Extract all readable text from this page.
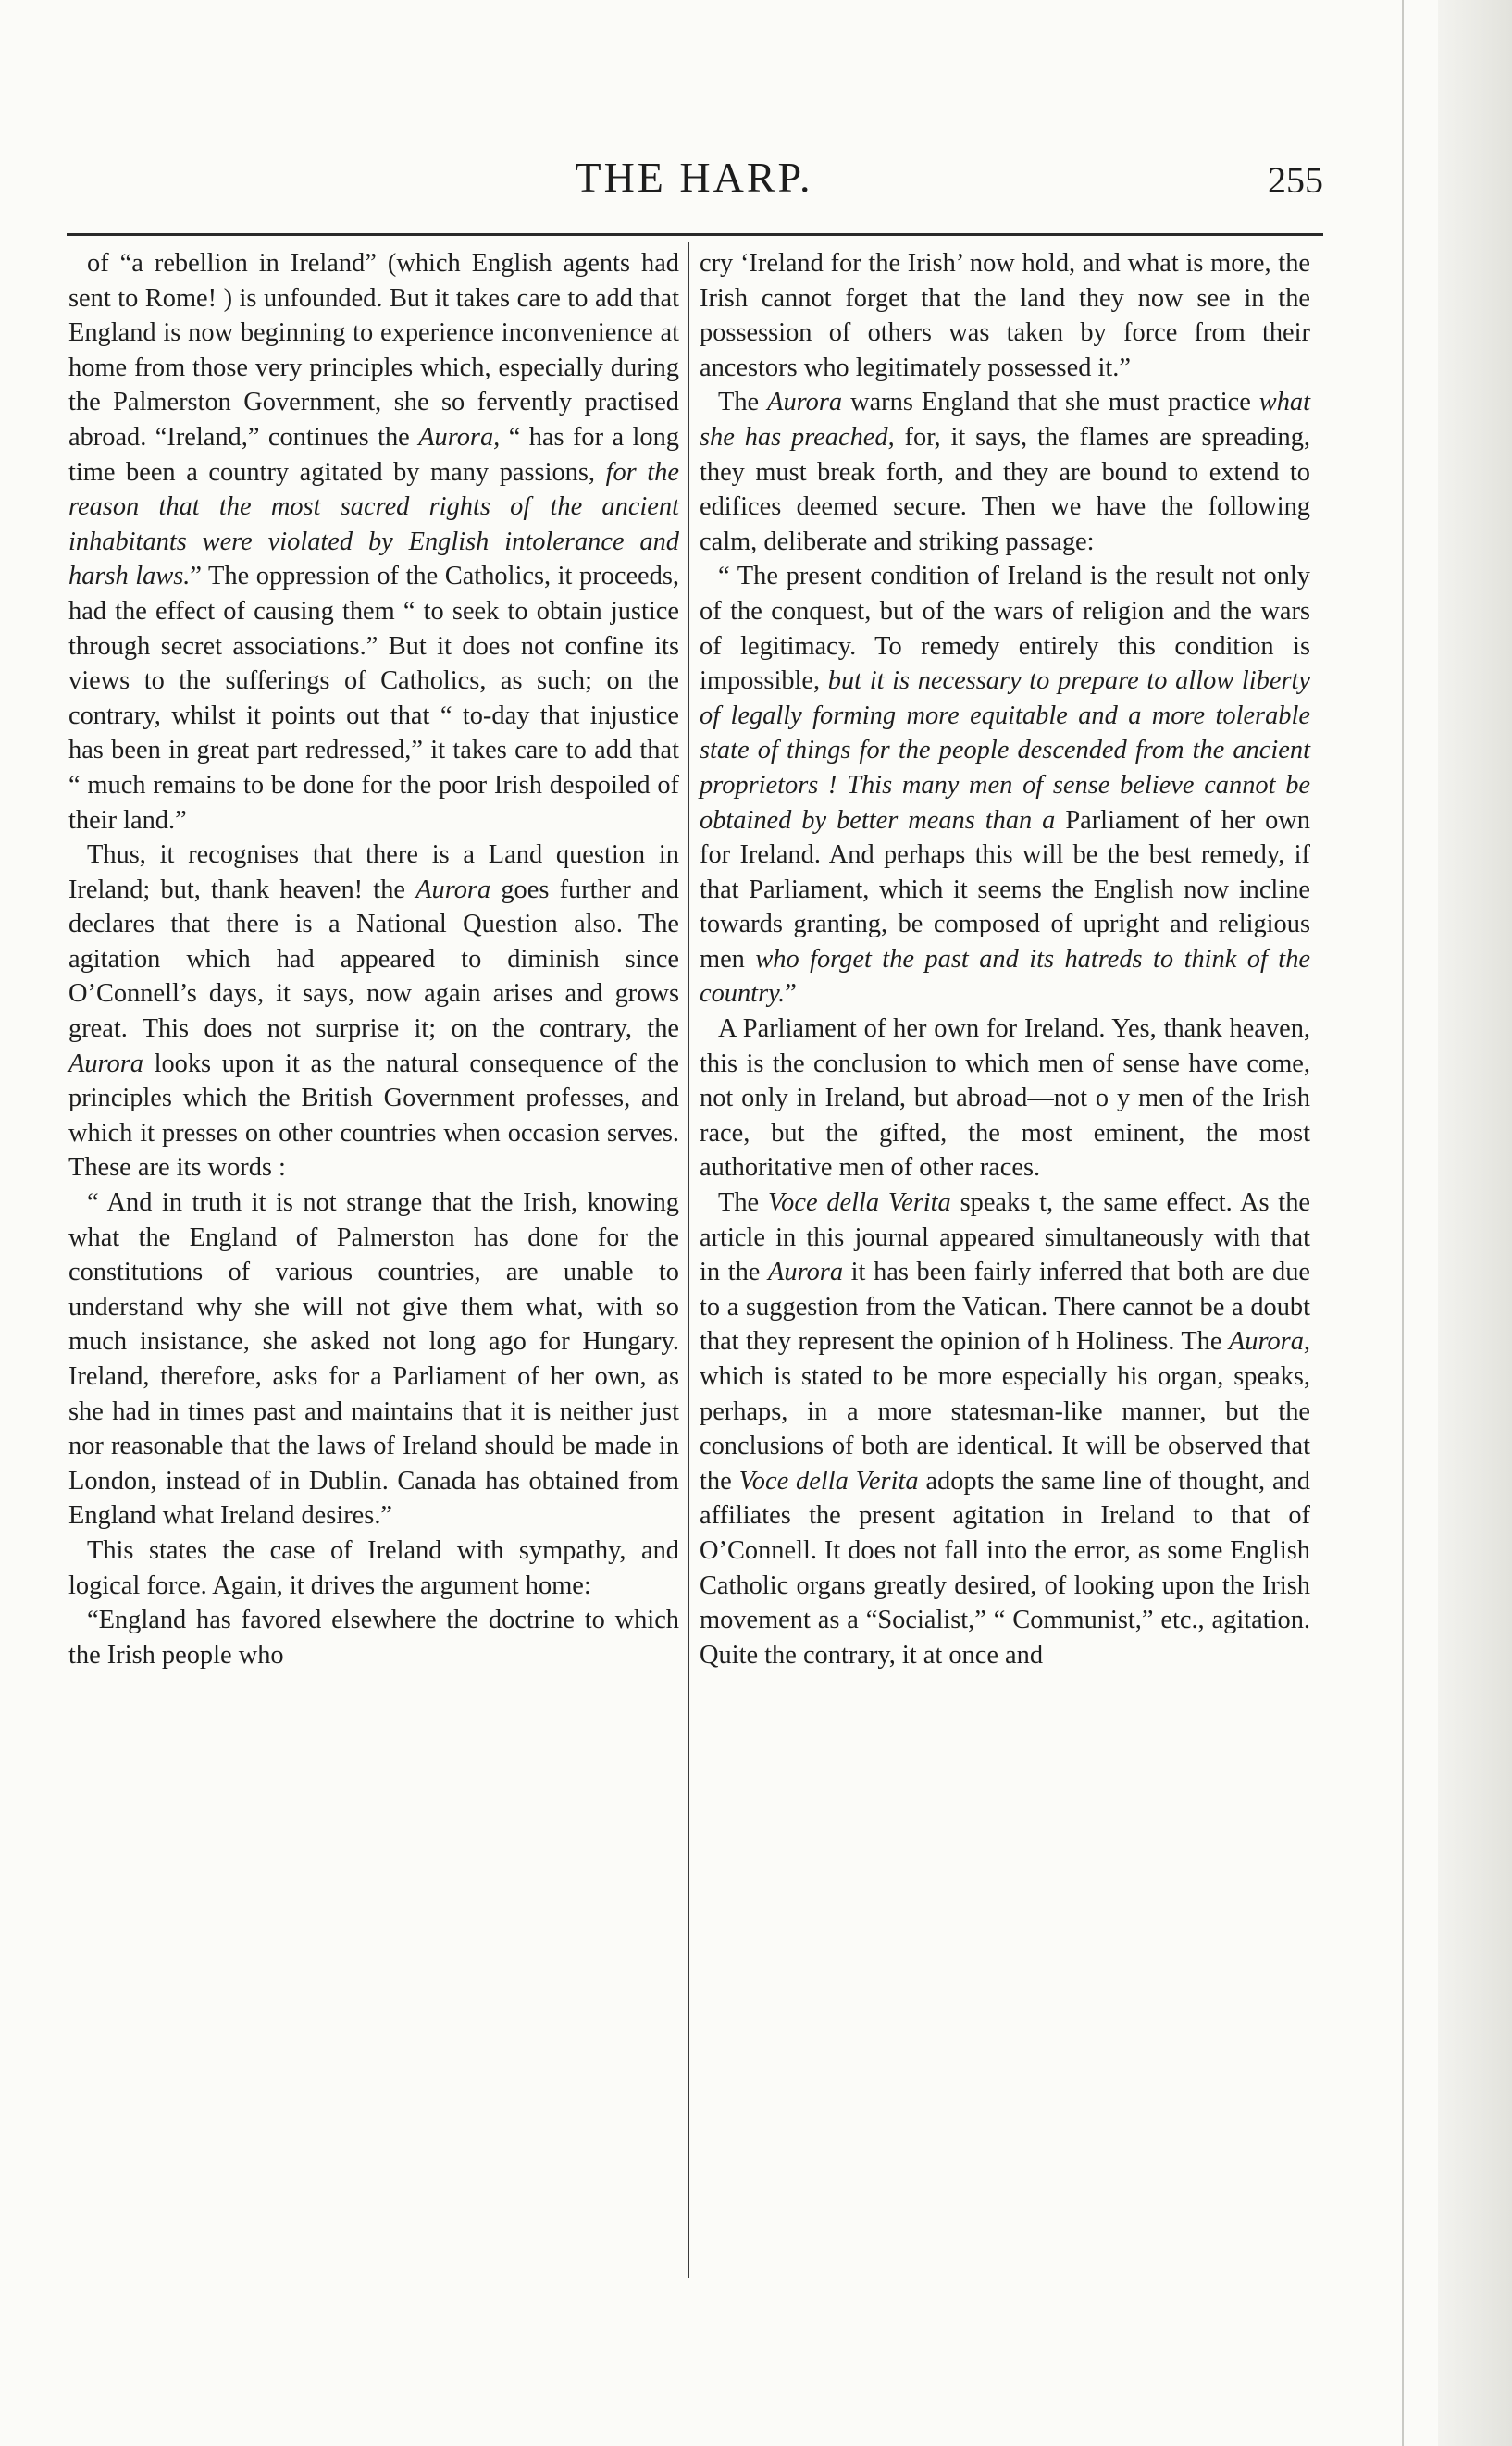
THE HARP.	255

of “a rebellion in Ireland” (which English agents had sent to Rome! ) is unfounded. But it takes care to add that England is now beginning to experience inconvenience at home from those very principles which, especially during the Palmerston Government, she so fervently practised abroad. “Ireland,” continues the Aurora, “ has for a long time been a country agitated by many passions, for the reason that the most sacred rights of the ancient inhabitants were violated by English intolerance and harsh laws.” The oppression of the Catholics, it proceeds, had the effect of causing them “ to seek to obtain justice through secret associations.” But it does not confine its views to the sufferings of Catholics, as such; on the contrary, whilst it points out that “ to-day that injustice has been in great part redressed,” it takes care to add that “ much remains to be done for the poor Irish despoiled of their land.”

Thus, it recognises that there is a Land question in Ireland; but, thank heaven! the Aurora goes further and declares that there is a National Question also. The agitation which had appeared to diminish since O’Connell’s days, it says, now again arises and grows great. This does not surprise it; on the contrary, the Aurora looks upon it as the natural consequence of the principles which the British Government professes, and which it presses on other countries when occasion serves. These are its words :

“ And in truth it is not strange that the Irish, knowing what the England of Palmerston has done for the constitutions of various countries, are unable to understand why she will not give them what, with so much insistance, she asked not long ago for Hungary. Ireland, therefore, asks for a Parliament of her own, as she had in times past and maintains that it is neither just nor reasonable that the laws of Ireland should be made in London, instead of in Dublin. Canada has obtained from England what Ireland desires.”

This states the case of Ireland with sympathy, and logical force. Again, it drives the argument home:

“England has favored elsewhere the doctrine to which the Irish people who

cry ‘Ireland for the Irish’ now hold, and what is more, the Irish cannot forget that the land they now see in the possession of others was taken by force from their ancestors who legitimately possessed it.”

The Aurora warns England that she must practice what she has preached, for, it says, the flames are spreading, they must break forth, and they are bound to extend to edifices deemed secure. Then we have the following calm, deliberate and striking passage:

“ The present condition of Ireland is the result not only of the conquest, but of the wars of religion and the wars of legitimacy. To remedy entirely this condition is impossible, but it is necessary to prepare to allow liberty of legally forming more equitable and a more tolerable state of things for the people descended from the ancient proprietors ! This many men of sense believe cannot be obtained by better means than a Parliament of her own for Ireland. And perhaps this will be the best remedy, if that Parliament, which it seems the English now incline towards granting, be composed of upright and religious men who forget the past and its hatreds to think of the country.”

A Parliament of her own for Ireland. Yes, thank heaven, this is the conclusion to which men of sense have come, not only in Ireland, but abroad—not o y men of the Irish race, but the gifted, the most eminent, the most authoritative men of other races.

The Voce della Verita speaks t, the same effect. As the article in this journal appeared simultaneously with that in the Aurora it has been fairly inferred that both are due to a suggestion from the Vatican. There cannot be a doubt that they represent the opinion of h Holiness. The Aurora, which is stated to be more especially his organ, speaks, perhaps, in a more statesman-like manner, but the conclusions of both are identical. It will be observed that the Voce della Verita adopts the same line of thought, and affiliates the present agitation in Ireland to that of O’Connell. It does not fall into the error, as some English Catholic organs greatly desired, of looking upon the Irish movement as a “Socialist,” “ Communist,” etc., agitation. Quite the contrary, it at once and
